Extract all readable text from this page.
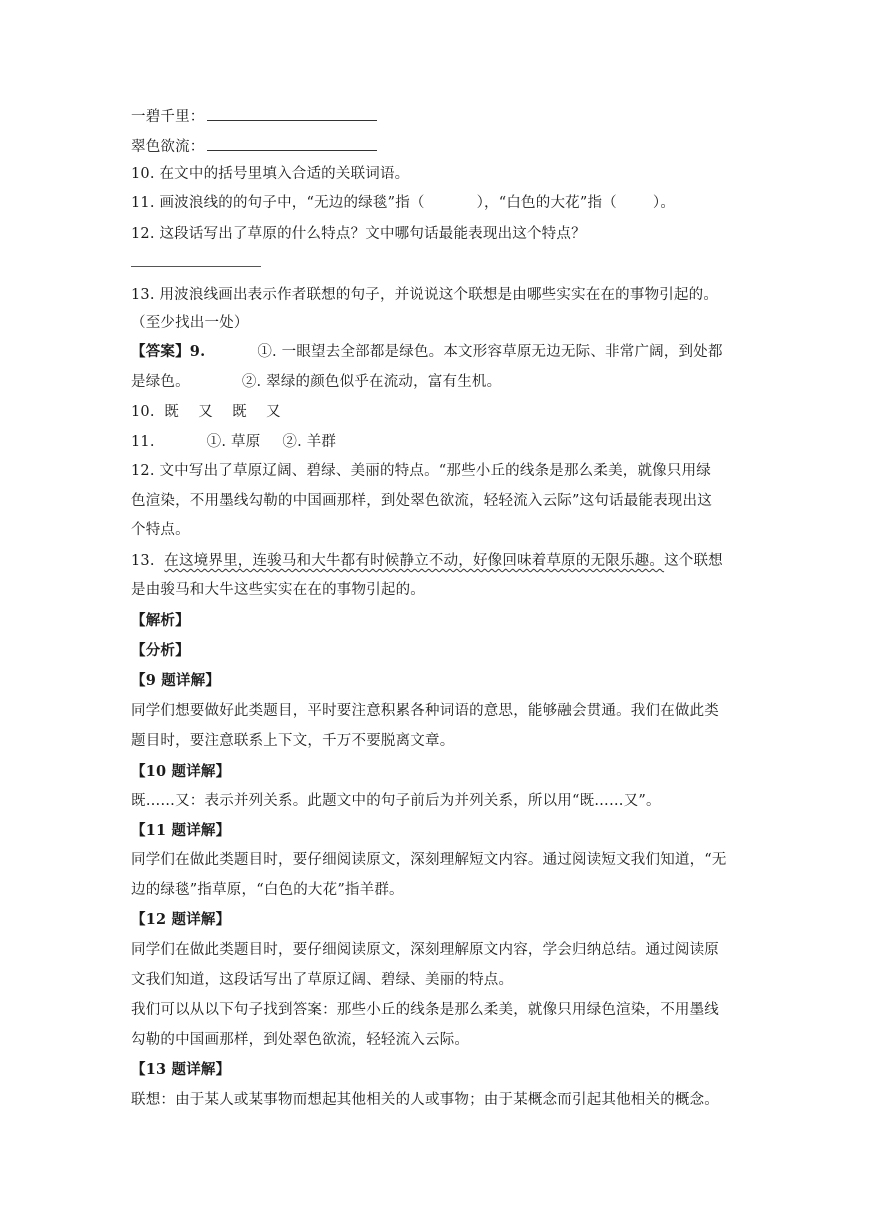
一碧千里：
翠色欲流：
10. 在文中的括号里填入合适的关联词语。
11. 画波浪线的的句子中，“无边的绿毯”指（	），“白色的大花”指（ ）。
12. 这段话写出了草原的什么特点？文中哪句话最能表现出这个特点？
13. 用波浪线画出表示作者联想的句子，并说说这个联想是由哪些实实在在的事物引起的。
（至少找出一处）
【答案】9.	①. 一眼望去全部都是绿色。本文形容草原无边无际、非常广阔，到处都
是绿色。	②. 翠绿的颜色似乎在流动，富有生机。
10.  既    又    既    又
11.	①. 草原 ②. 羊群
12. 文中写出了草原辽阔、碧绿、美丽的特点。“那些小丘的线条是那么柔美，就像只用绿
色渲染，不用墨线勾勒的中国画那样，到处翠色欲流，轻轻流入云际”这句话最能表现出这
个特点。
13.  在这境界里，连骏马和大牛都有时候静立不动，好像回味着草原的无限乐趣。这个联想
是由骏马和大牛这些实实在在的事物引起的。
【解析】
【分析】
【9 题详解】
同学们想要做好此类题目，平时要注意积累各种词语的意思，能够融会贯通。我们在做此类
题目时，要注意联系上下文，千万不要脱离文章。
【10 题详解】
既……又：表示并列关系。此题文中的句子前后为并列关系，所以用“既……又”。
【11 题详解】
同学们在做此类题目时，要仔细阅读原文，深刻理解短文内容。通过阅读短文我们知道，“无
边的绿毯”指草原，“白色的大花”指羊群。
【12 题详解】
同学们在做此类题目时，要仔细阅读原文，深刻理解原文内容，学会归纳总结。通过阅读原
文我们知道，这段话写出了草原辽阔、碧绿、美丽的特点。
我们可以从以下句子找到答案：那些小丘的线条是那么柔美，就像只用绿色渲染，不用墨线
勾勒的中国画那样，到处翠色欲流，轻轻流入云际。
【13 题详解】
联想：由于某人或某事物而想起其他相关的人或事物；由于某概念而引起其他相关的概念。
